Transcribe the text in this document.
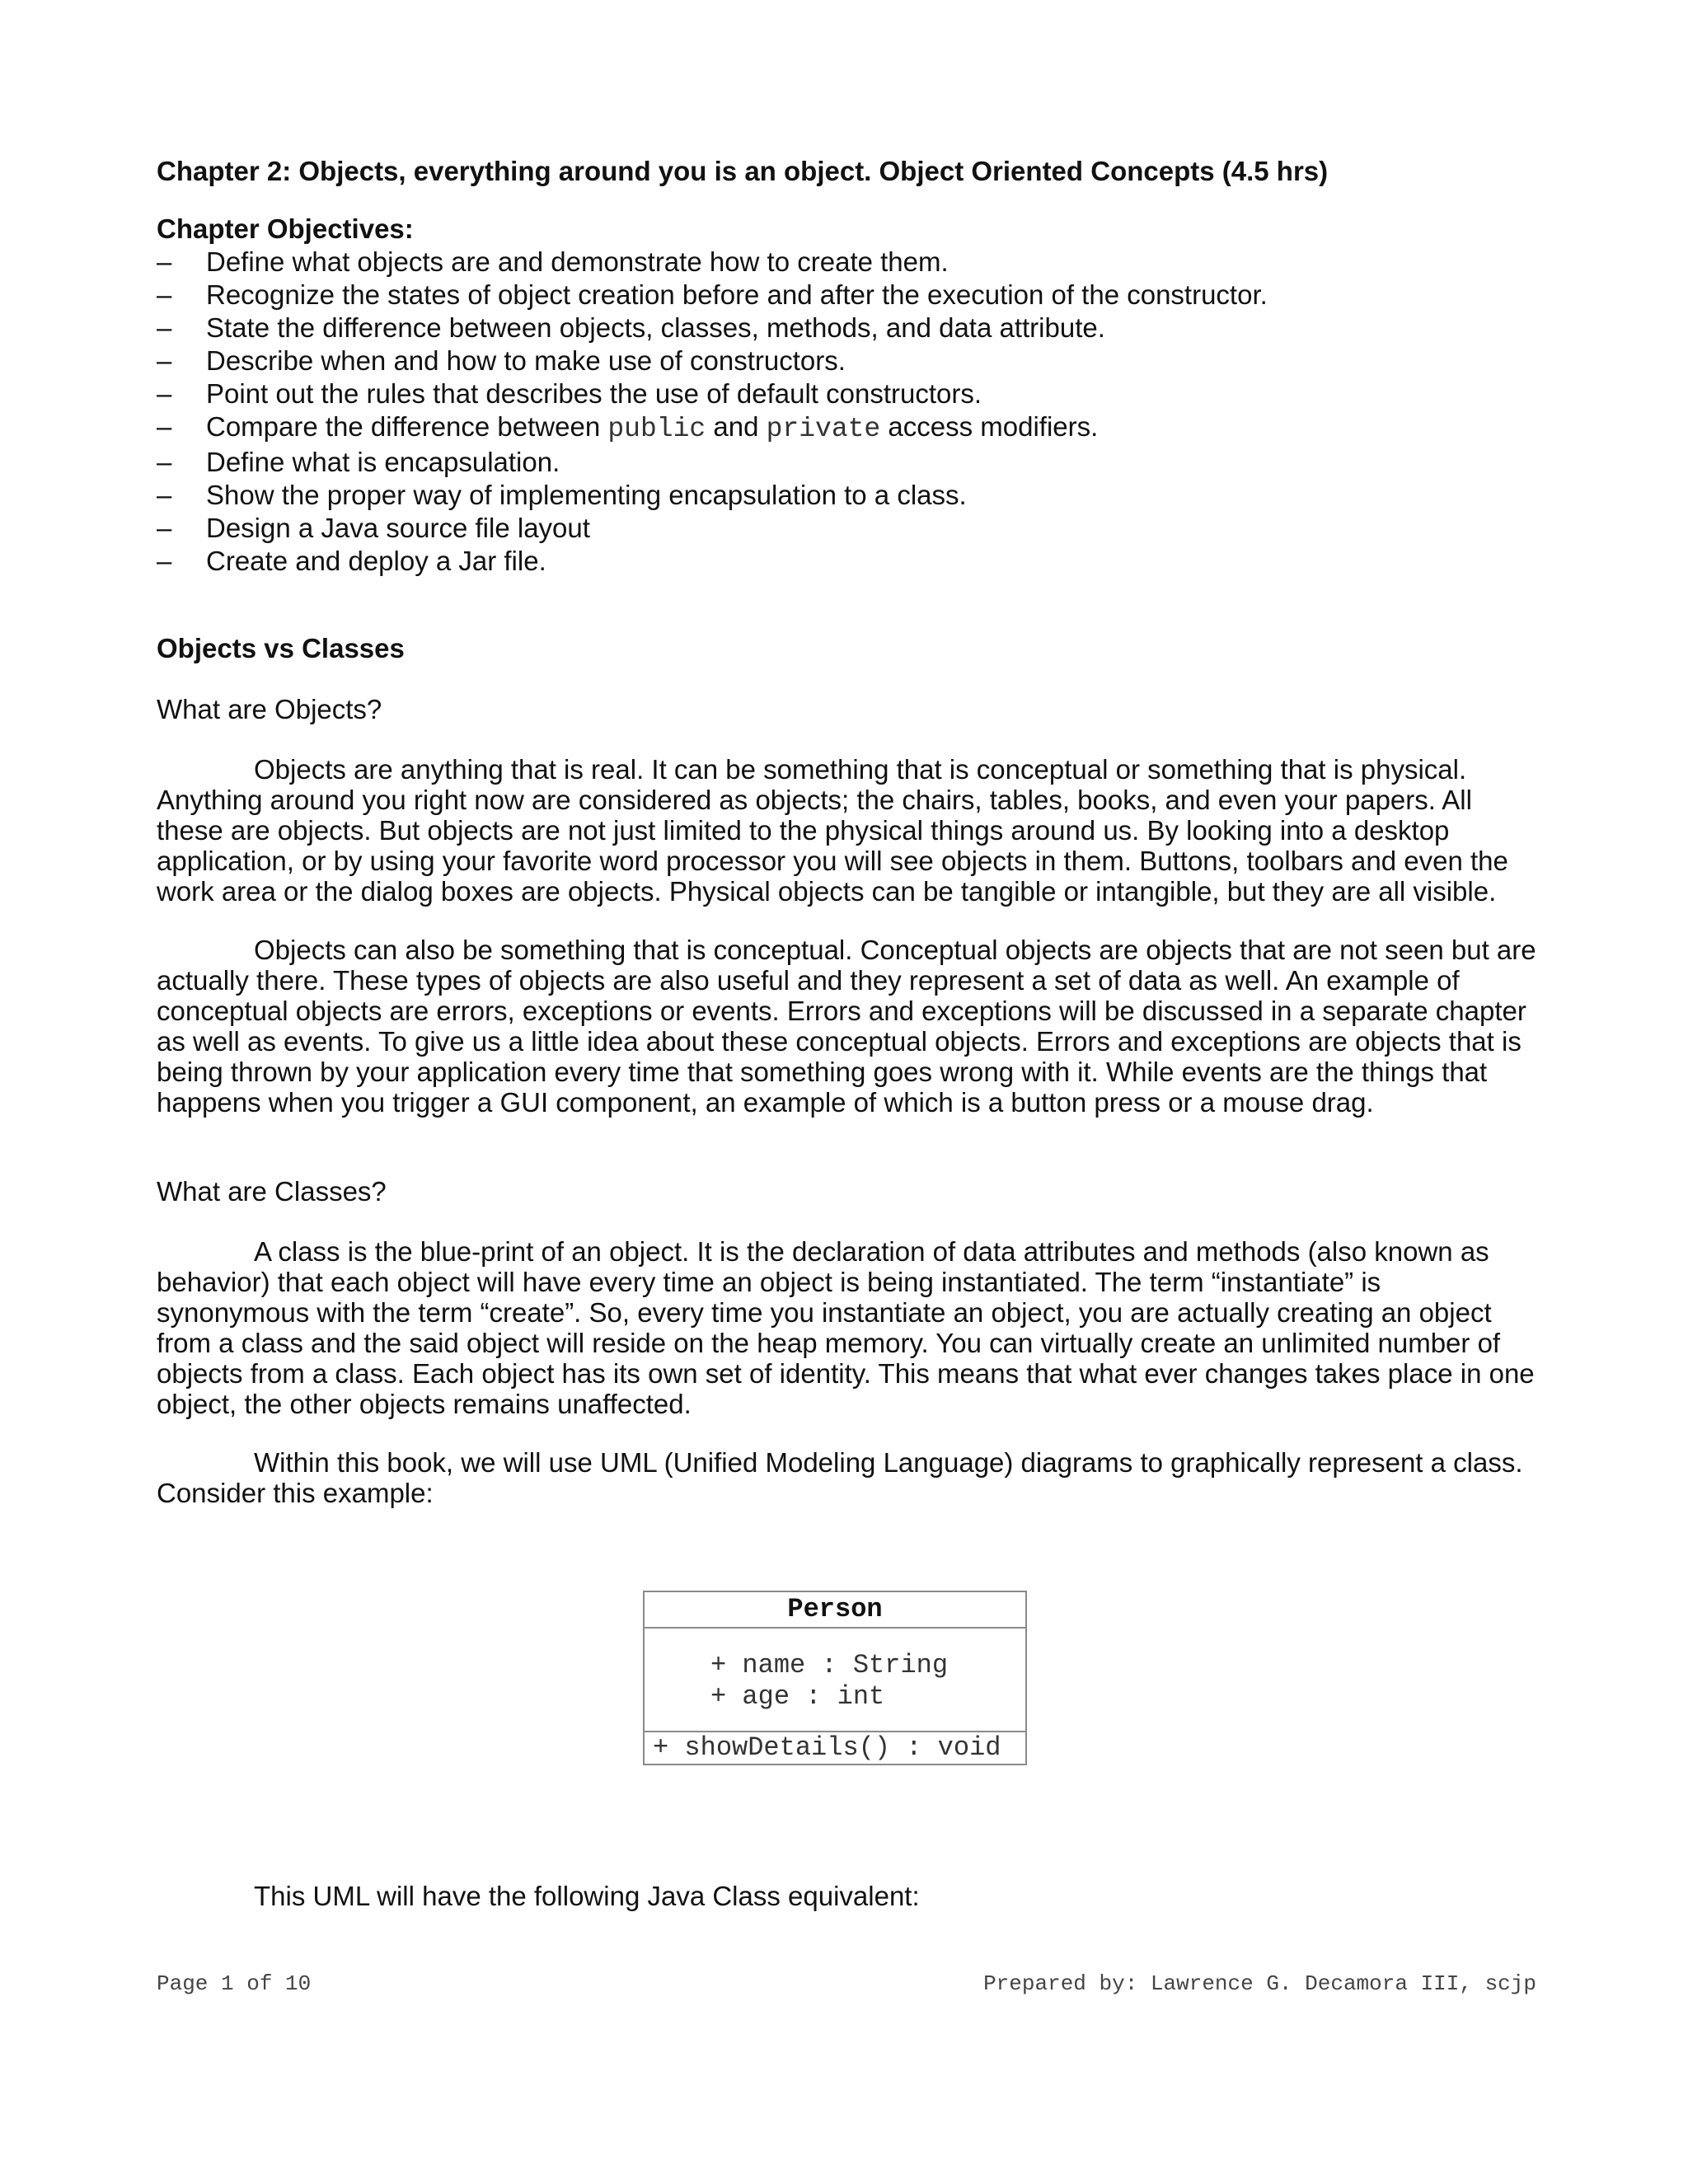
Chapter 2: Objects, everything around you is an object. Object Oriented Concepts (4.5 hrs)

Chapter Objectives:

– Define what objects are and demonstrate how to create them.
– Recognize the states of object creation before and after the execution of the constructor.
– State the difference between objects, classes, methods, and data attribute.
– Describe when and how to make use of constructors.
– Point out the rules that describes the use of default constructors.
– Compare the difference between public and private access modifiers.
– Define what is encapsulation.
– Show the proper way of implementing encapsulation to a class.
– Design a Java source file layout
– Create and deploy a Jar file.

Objects vs Classes

What are Objects?

Objects are anything that is real. It can be something that is conceptual or something that is physical. Anything around you right now are considered as objects; the chairs, tables, books, and even your papers. All these are objects. But objects are not just limited to the physical things around us. By looking into a desktop application, or by using your favorite word processor you will see objects in them. Buttons, toolbars and even the work area or the dialog boxes are objects. Physical objects can be tangible or intangible, but they are all visible.

Objects can also be something that is conceptual. Conceptual objects are objects that are not seen but are actually there. These types of objects are also useful and they represent a set of data as well. An example of conceptual objects are errors, exceptions or events. Errors and exceptions will be discussed in a separate chapter as well as events. To give us a little idea about these conceptual objects. Errors and exceptions are objects that is being thrown by your application every time that something goes wrong with it. While events are the things that happens when you trigger a GUI component, an example of which is a button press or a mouse drag.

What are Classes?

A class is the blue-print of an object. It is the declaration of data attributes and methods (also known as behavior) that each object will have every time an object is being instantiated. The term “instantiate” is synonymous with the term “create”. So, every time you instantiate an object, you are actually creating an object from a class and the said object will reside on the heap memory. You can virtually create an unlimited number of objects from a class. Each object has its own set of identity. This means that what ever changes takes place in one object, the other objects remains unaffected.

Within this book, we will use UML (Unified Modeling Language) diagrams to graphically represent a class. Consider this example:

Person
+ name : String
+ age : int
+ showDetails() : void

This UML will have the following Java Class equivalent:

Page 1 of 10	Prepared by: Lawrence G. Decamora III, scjp
